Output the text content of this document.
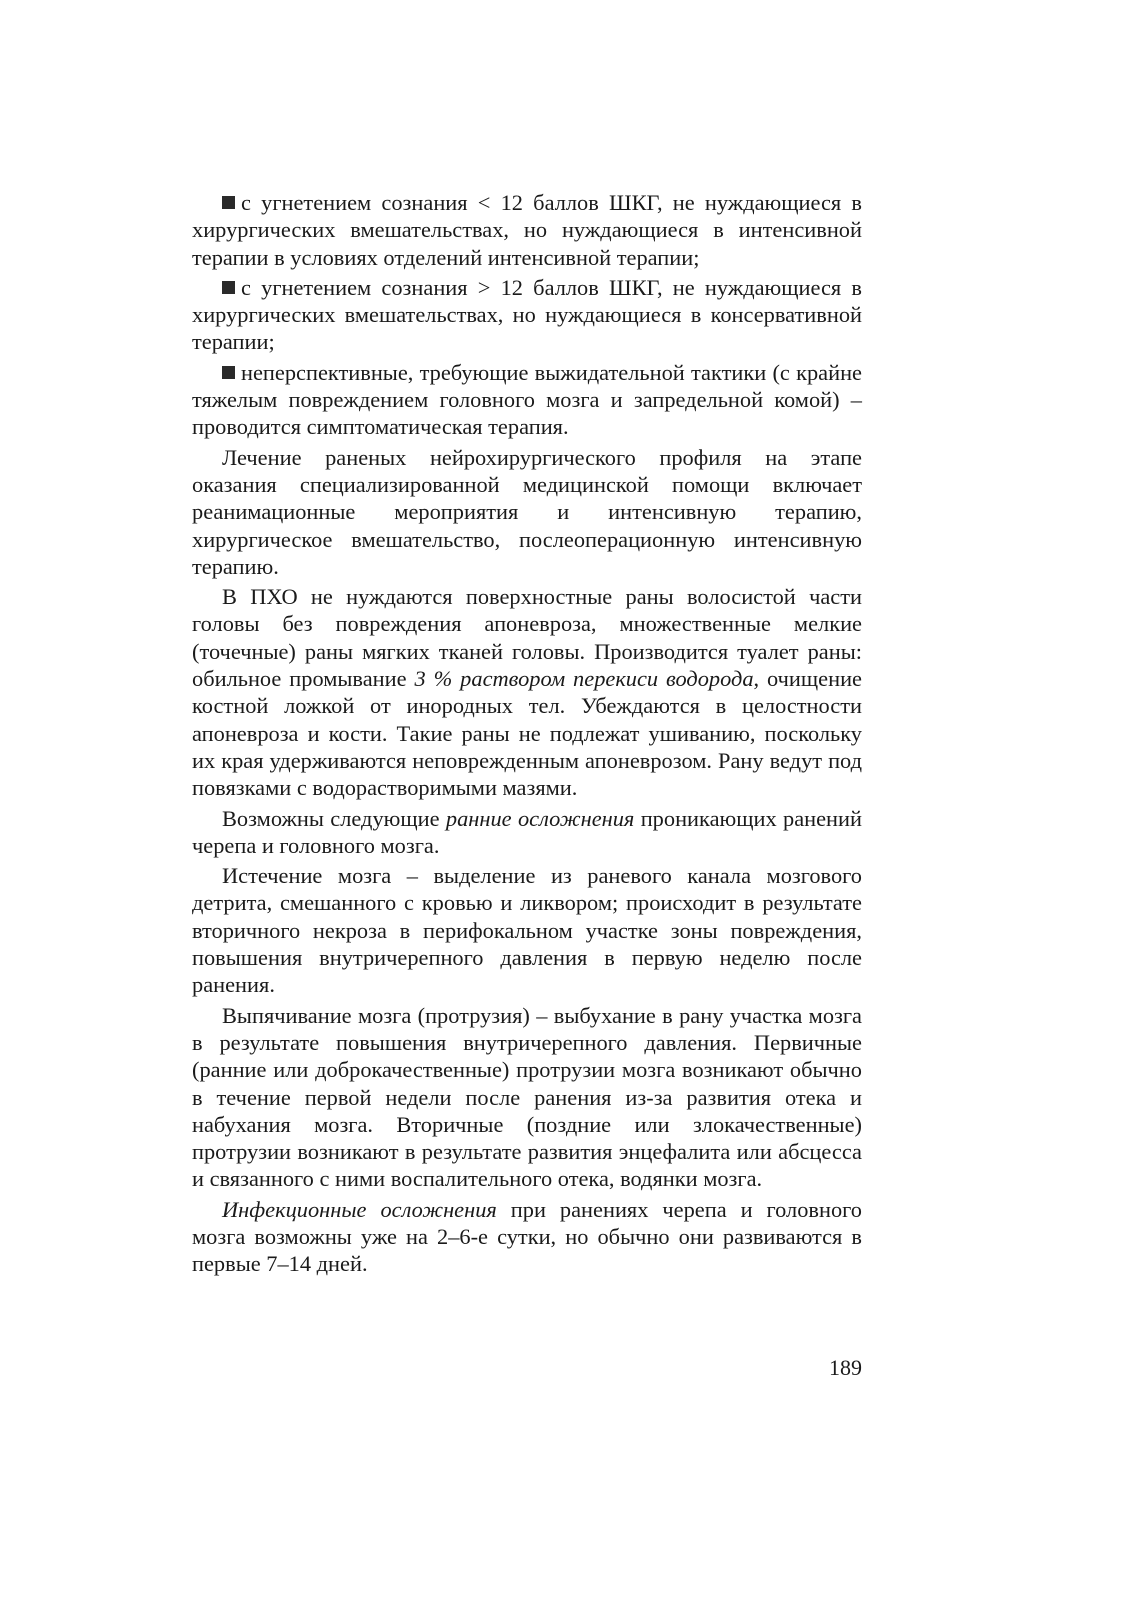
с угнетением сознания < 12 баллов ШКГ, не нуждающиеся в хирургических вмешательствах, но нуждающиеся в интенсивной терапии в условиях отделений интенсивной терапии;

с угнетением сознания > 12 баллов ШКГ, не нуждающиеся в хирургических вмешательствах, но нуждающиеся в консервативной терапии;

неперспективные, требующие выжидательной тактики (с крайне тяжелым повреждением головного мозга и запредельной комой) – проводится симптоматическая терапия.

Лечение раненых нейрохирургического профиля на этапе оказания специализированной медицинской помощи включает реанимационные мероприятия и интенсивную терапию, хирургическое вмешательство, послеоперационную интенсивную терапию.

В ПХО не нуждаются поверхностные раны волосистой части головы без повреждения апоневроза, множественные мелкие (точечные) раны мягких тканей головы. Производится туалет раны: обильное промывание 3 % раствором перекиси водорода, очищение костной ложкой от инородных тел. Убеждаются в целостности апоневроза и кости. Такие раны не подлежат ушиванию, поскольку их края удерживаются неповрежденным апоневрозом. Рану ведут под повязками с водорастворимыми мазями.

Возможны следующие ранние осложнения проникающих ранений черепа и головного мозга.

Истечение мозга – выделение из раневого канала мозгового детрита, смешанного с кровью и ликвором; происходит в результате вторичного некроза в перифокальном участке зоны повреждения, повышения внутричерепного давления в первую неделю после ранения.

Выпячивание мозга (протрузия) – выбухание в рану участка мозга в результате повышения внутричерепного давления. Первичные (ранние или доброкачественные) протрузии мозга возникают обычно в течение первой недели после ранения из-за развития отека и набухания мозга. Вторичные (поздние или злокачественные) протрузии возникают в результате развития энцефалита или абсцесса и связанного с ними воспалительного отека, водянки мозга.

Инфекционные осложнения при ранениях черепа и головного мозга возможны уже на 2–6-е сутки, но обычно они развиваются в первые 7–14 дней.

189
